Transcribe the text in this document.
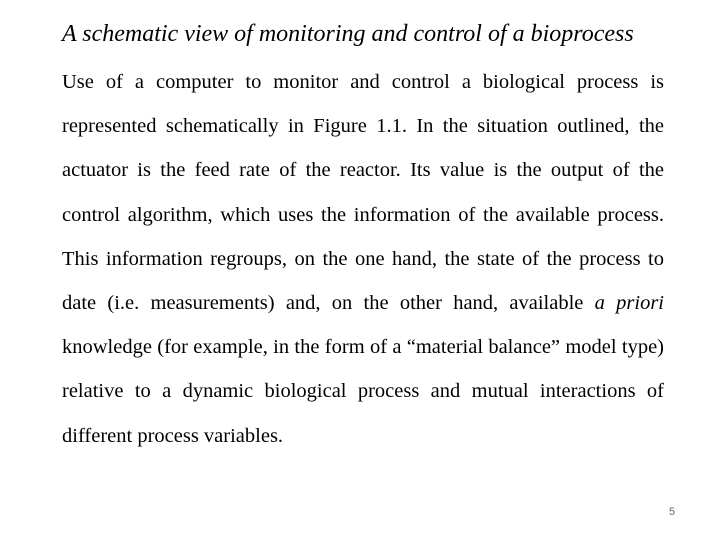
A schematic view of monitoring and control of a bioprocess

Use of a computer to monitor and control a biological process is represented schematically in Figure 1.1. In the situation outlined, the actuator is the feed rate of the reactor. Its value is the output of the control algorithm, which uses the information of the available process. This information regroups, on the one hand, the state of the process to date (i.e. measurements) and, on the other hand, available a priori knowledge (for example, in the form of a “material balance” model type) relative to a dynamic biological process and mutual interactions of different process variables.

5
